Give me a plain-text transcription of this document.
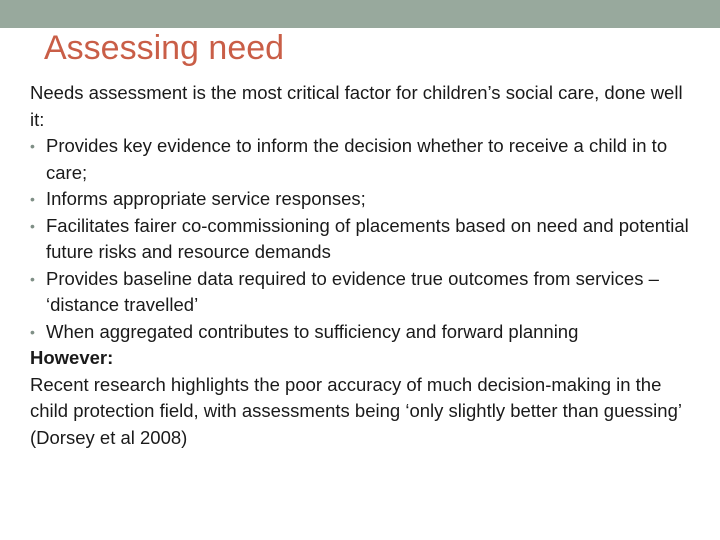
Assessing need

Needs assessment is the most critical factor for children’s social care, done well it:

• Provides key evidence to inform the decision whether to receive a child in to care;
• Informs appropriate service responses;
• Facilitates fairer co-commissioning of placements based on need and potential future risks and resource demands
• Provides baseline data required to evidence true outcomes from services – ‘distance travelled’
• When aggregated contributes to sufficiency and forward planning

However:

Recent research highlights the poor accuracy of much decision-making in the child protection field, with assessments being ‘only slightly better than guessing’ (Dorsey et al 2008)
